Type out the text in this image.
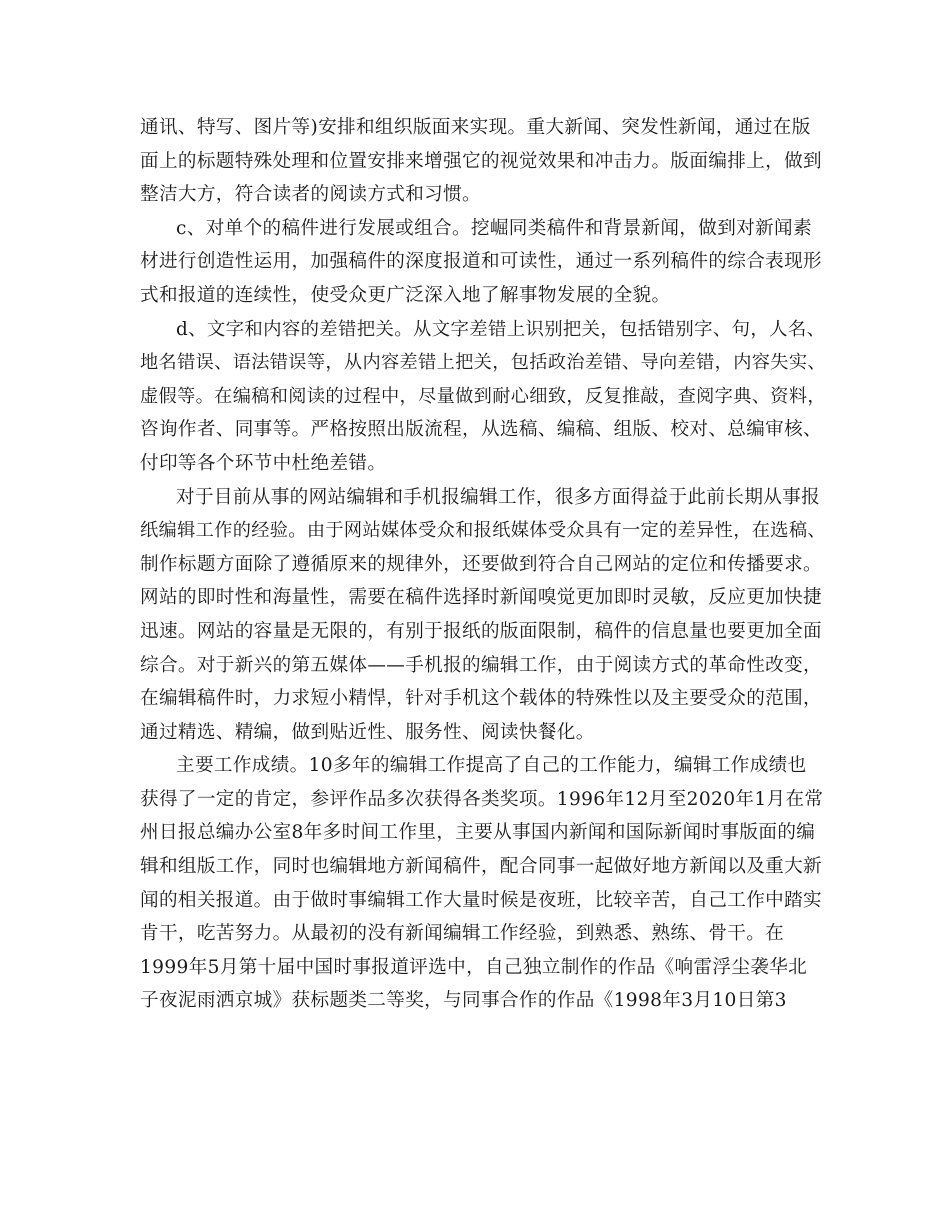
通讯、特写、图片等)安排和组织版面来实现。重大新闻、突发性新闻，通过在版
面上的标题特殊处理和位置安排来增强它的视觉效果和冲击力。版面编排上，做到
整洁大方，符合读者的阅读方式和习惯。
c、对单个的稿件进行发展或组合。挖崛同类稿件和背景新闻，做到对新闻素
材进行创造性运用，加强稿件的深度报道和可读性，通过一系列稿件的综合表现形
式和报道的连续性，使受众更广泛深入地了解事物发展的全貌。
d、文字和内容的差错把关。从文字差错上识别把关，包括错别字、句，人名、
地名错误、语法错误等，从内容差错上把关，包括政治差错、导向差错，内容失实、
虚假等。在编稿和阅读的过程中，尽量做到耐心细致，反复推敲，查阅字典、资料，
咨询作者、同事等。严格按照出版流程，从选稿、编稿、组版、校对、总编审核、
付印等各个环节中杜绝差错。
对于目前从事的网站编辑和手机报编辑工作，很多方面得益于此前长期从事报
纸编辑工作的经验。由于网站媒体受众和报纸媒体受众具有一定的差异性，在选稿、
制作标题方面除了遵循原来的规律外，还要做到符合自己网站的定位和传播要求。
网站的即时性和海量性，需要在稿件选择时新闻嗅觉更加即时灵敏，反应更加快捷
迅速。网站的容量是无限的，有别于报纸的版面限制，稿件的信息量也要更加全面
综合。对于新兴的第五媒体——手机报的编辑工作，由于阅读方式的革命性改变，
在编辑稿件时，力求短小精悍，针对手机这个载体的特殊性以及主要受众的范围，
通过精选、精编，做到贴近性、服务性、阅读快餐化。
主要工作成绩。10多年的编辑工作提高了自己的工作能力，编辑工作成绩也
获得了一定的肯定，参评作品多次获得各类奖项。1996年12月至2020年1月在常
州日报总编办公室8年多时间工作里，主要从事国内新闻和国际新闻时事版面的编
辑和组版工作，同时也编辑地方新闻稿件，配合同事一起做好地方新闻以及重大新
闻的相关报道。由于做时事编辑工作大量时候是夜班，比较辛苦，自己工作中踏实
肯干，吃苦努力。从最初的没有新闻编辑工作经验，到熟悉、熟练、骨干。在
1999年5月第十届中国时事报道评选中，自己独立制作的作品《响雷浮尘袭华北
子夜泥雨洒京城》获标题类二等奖，与同事合作的作品《1998年3月10日第3
